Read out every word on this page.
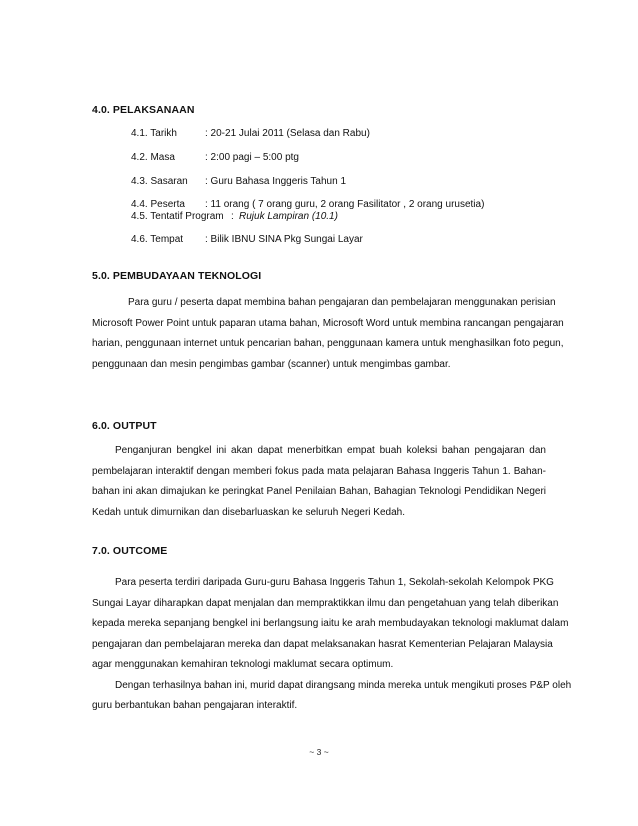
4.0. PELAKSANAAN
4.1. Tarikh	: 20-21 Julai 2011 (Selasa dan Rabu)
4.2. Masa	: 2:00 pagi – 5:00 ptg
4.3. Sasaran : Guru Bahasa Inggeris Tahun 1
4.4. Peserta : 11 orang ( 7 orang guru, 2 orang Fasilitator , 2 orang urusetia)
4.5. Tentatif Program : Rujuk Lampiran (10.1)
4.6. Tempat : Bilik IBNU SINA Pkg Sungai Layar
5.0. PEMBUDAYAAN TEKNOLOGI
Para guru / peserta dapat membina bahan pengajaran dan pembelajaran menggunakan perisian
Microsoft Power Point untuk paparan utama bahan, Microsoft Word untuk membina rancangan pengajaran
harian, penggunaan internet untuk pencarian bahan, penggunaan kamera untuk menghasilkan foto pegun,
penggunaan dan mesin pengimbas gambar (scanner) untuk mengimbas gambar.
6.0. OUTPUT
Penganjuran bengkel ini akan dapat menerbitkan empat buah koleksi bahan pengajaran dan
pembelajaran interaktif dengan memberi fokus pada mata pelajaran Bahasa Inggeris Tahun 1. Bahan-
bahan ini akan dimajukan ke peringkat Panel Penilaian Bahan, Bahagian Teknologi Pendidikan Negeri
Kedah untuk dimurnikan dan disebarluaskan ke seluruh Negeri Kedah.
7.0. OUTCOME
Para peserta terdiri daripada Guru-guru Bahasa Inggeris Tahun 1, Sekolah-sekolah Kelompok PKG
Sungai Layar diharapkan dapat menjalan dan mempraktikkan ilmu dan pengetahuan yang telah diberikan
kepada mereka sepanjang bengkel ini berlangsung iaitu ke arah membudayakan teknologi maklumat dalam
pengajaran dan pembelajaran mereka dan dapat melaksanakan hasrat Kementerian Pelajaran Malaysia
agar menggunakan kemahiran teknologi maklumat secara optimum.
Dengan terhasilnya bahan ini, murid dapat dirangsang minda mereka untuk mengikuti proses P&P oleh
guru berbantukan bahan pengajaran interaktif.
~ 3 ~
